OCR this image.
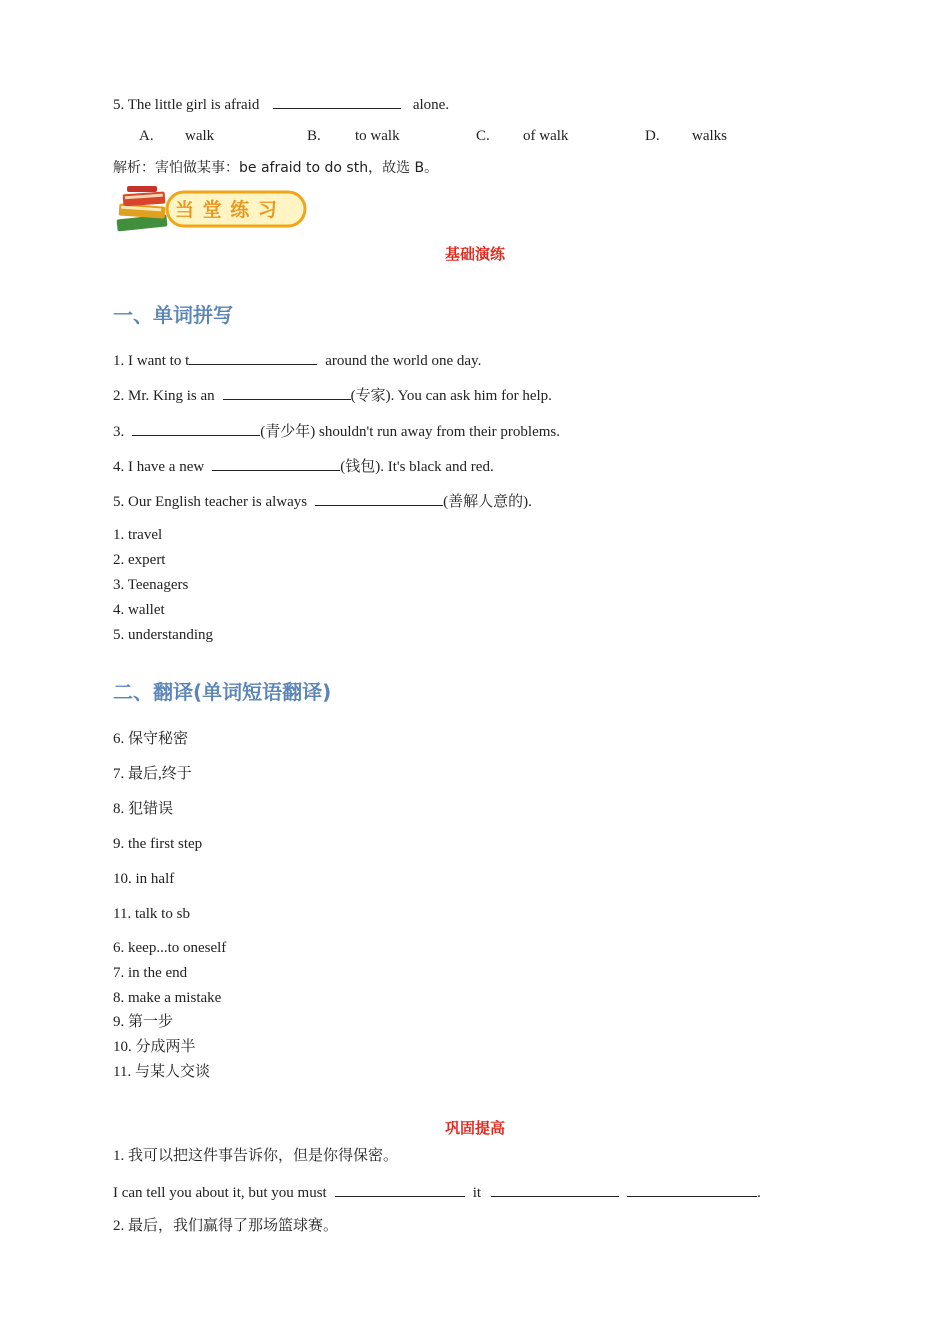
5. The little girl is afraid	alone.
A. walk	B. to walk	C. of walk	D. walks
解析：害怕做某事：be afraid to do sth，故选 B。
当 堂 练 习
基础演练
一、单词拼写
1. I want to t	around the world one day.
2. Mr. King is an	(专家). You can ask him for help.
3.	(青少年) shouldn't run away from their problems.
4. I have a new	(钱包). It's black and red.
5. Our English teacher is always	(善解人意的).
1. travel
2. expert
3. Teenagers
4. wallet
5. understanding
二、翻译(单词短语翻译)
6. 保守秘密
7. 最后,终于
8. 犯错误
9. the first step
10. in half
11. talk to sb
6. keep...to oneself
7. in the end
8. make a mistake
9. 第一步
10. 分成两半
11. 与某人交谈
巩固提高
1. 我可以把这件事告诉你，但是你得保密。
I can tell you about it, but you must	it	.
2. 最后，我们赢得了那场篮球赛。
